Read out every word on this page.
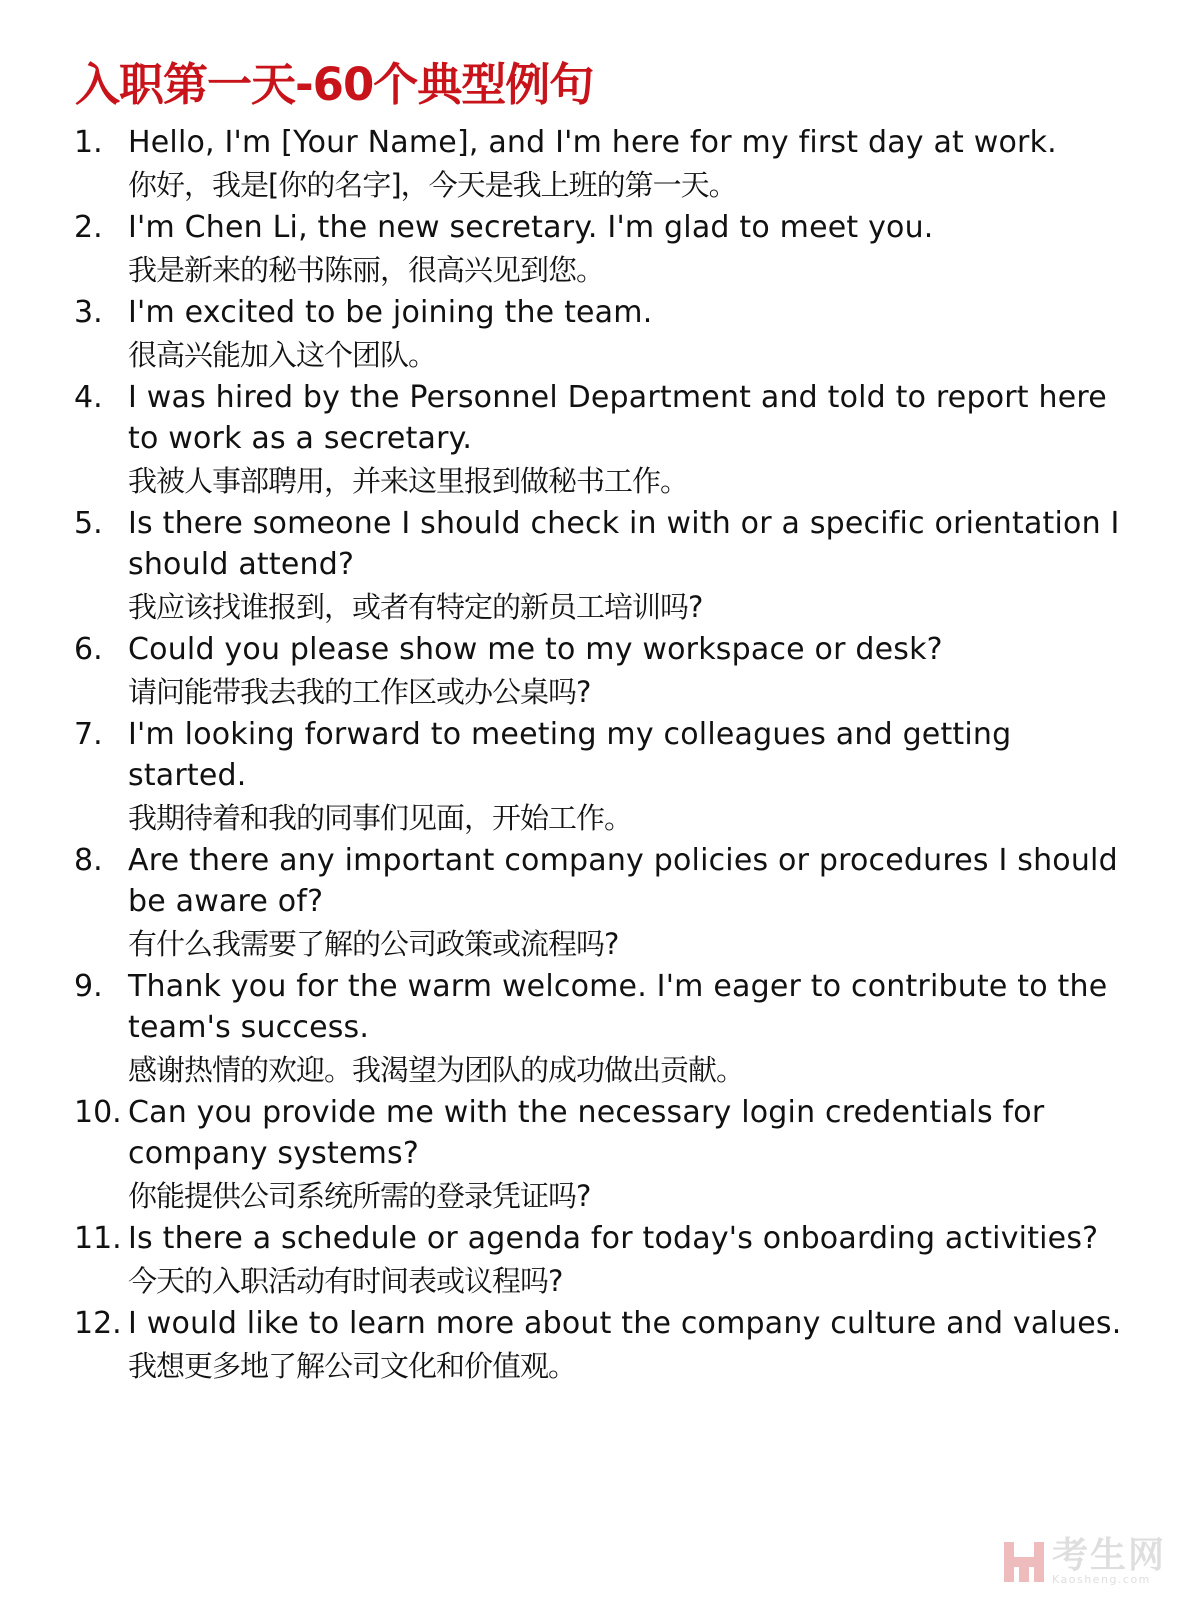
入职第一天-60个典型例句
1. Hello, I'm [Your Name], and I'm here for my first day at work.
你好，我是[你的名字]，今天是我上班的第一天。
2. I'm Chen Li, the new secretary. I'm glad to meet you.
我是新来的秘书陈丽，很高兴见到您。
3. I'm excited to be joining the team.
很高兴能加入这个团队。
4. I was hired by the Personnel Department and told to report here to work as a secretary.
我被人事部聘用，并来这里报到做秘书工作。
5. Is there someone I should check in with or a specific orientation I should attend?
我应该找谁报到，或者有特定的新员工培训吗?
6. Could you please show me to my workspace or desk?
请问能带我去我的工作区或办公桌吗?
7. I'm looking forward to meeting my colleagues and getting started.
我期待着和我的同事们见面，开始工作。
8. Are there any important company policies or procedures I should be aware of?
有什么我需要了解的公司政策或流程吗?
9. Thank you for the warm welcome. I'm eager to contribute to the team's success.
感谢热情的欢迎。我渴望为团队的成功做出贡献。
10. Can you provide me with the necessary login credentials for company systems?
你能提供公司系统所需的登录凭证吗?
11. Is there a schedule or agenda for today's onboarding activities?
今天的入职活动有时间表或议程吗?
12. I would like to learn more about the company culture and values.
我想更多地了解公司文化和价值观。
考生网
Kaosheng.com
